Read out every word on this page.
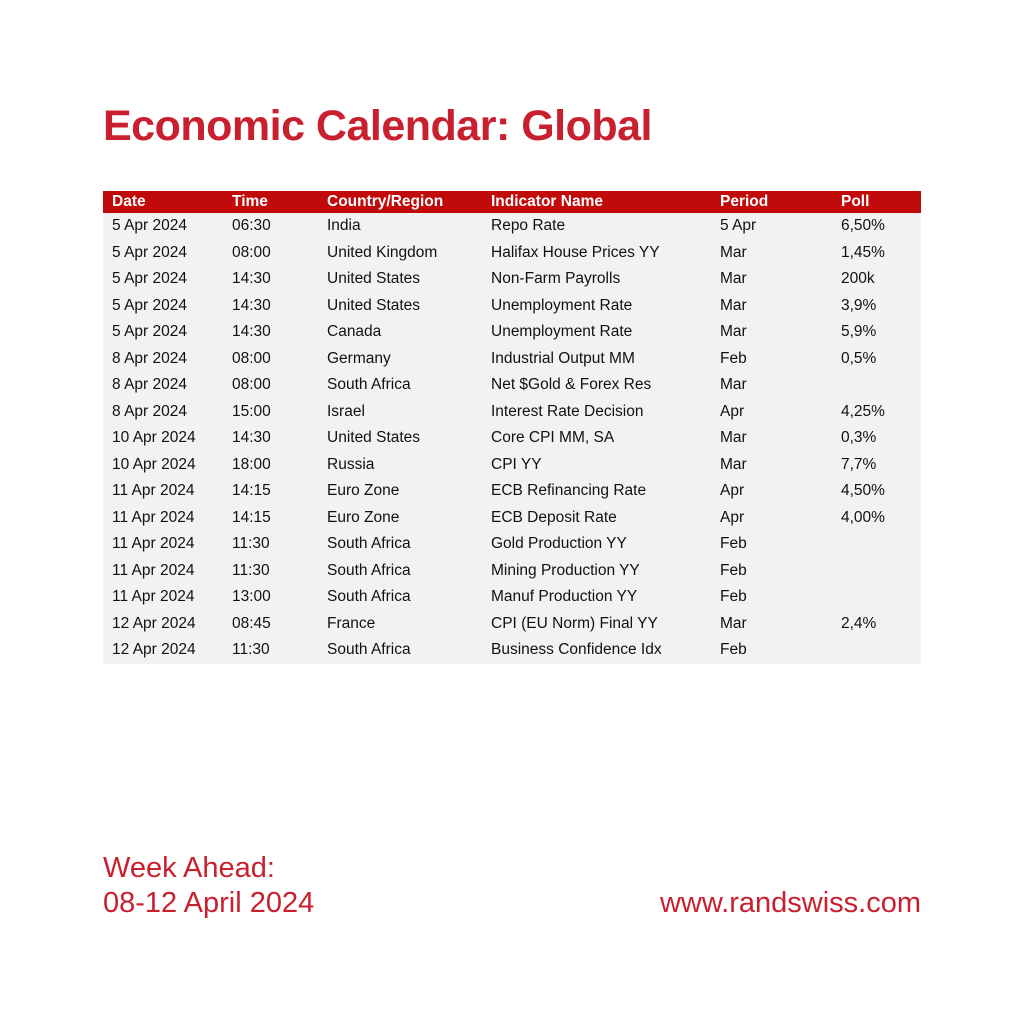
Economic Calendar: Global
Date	Time	Country/Region	Indicator Name	Period	Poll
5 Apr 2024	06:30	India	Repo Rate	5 Apr	6,50%
5 Apr 2024	08:00	United Kingdom	Halifax House Prices YY	Mar	1,45%
5 Apr 2024	14:30	United States	Non-Farm Payrolls	Mar	200k
5 Apr 2024	14:30	United States	Unemployment Rate	Mar	3,9%
5 Apr 2024	14:30	Canada	Unemployment Rate	Mar	5,9%
8 Apr 2024	08:00	Germany	Industrial Output MM	Feb	0,5%
8 Apr 2024	08:00	South Africa	Net $Gold & Forex Res	Mar	
8 Apr 2024	15:00	Israel	Interest Rate Decision	Apr	4,25%
10 Apr 2024	14:30	United States	Core CPI MM, SA	Mar	0,3%
10 Apr 2024	18:00	Russia	CPI YY	Mar	7,7%
11 Apr 2024	14:15	Euro Zone	ECB Refinancing Rate	Apr	4,50%
11 Apr 2024	14:15	Euro Zone	ECB Deposit Rate	Apr	4,00%
11 Apr 2024	11:30	South Africa	Gold Production YY	Feb	
11 Apr 2024	11:30	South Africa	Mining Production YY	Feb	
11 Apr 2024	13:00	South Africa	Manuf Production YY	Feb	
12 Apr 2024	08:45	France	CPI (EU Norm) Final YY	Mar	2,4%
12 Apr 2024	11:30	South Africa	Business Confidence Idx	Feb	
Week Ahead:
08-12 April 2024	www.randswiss.com
